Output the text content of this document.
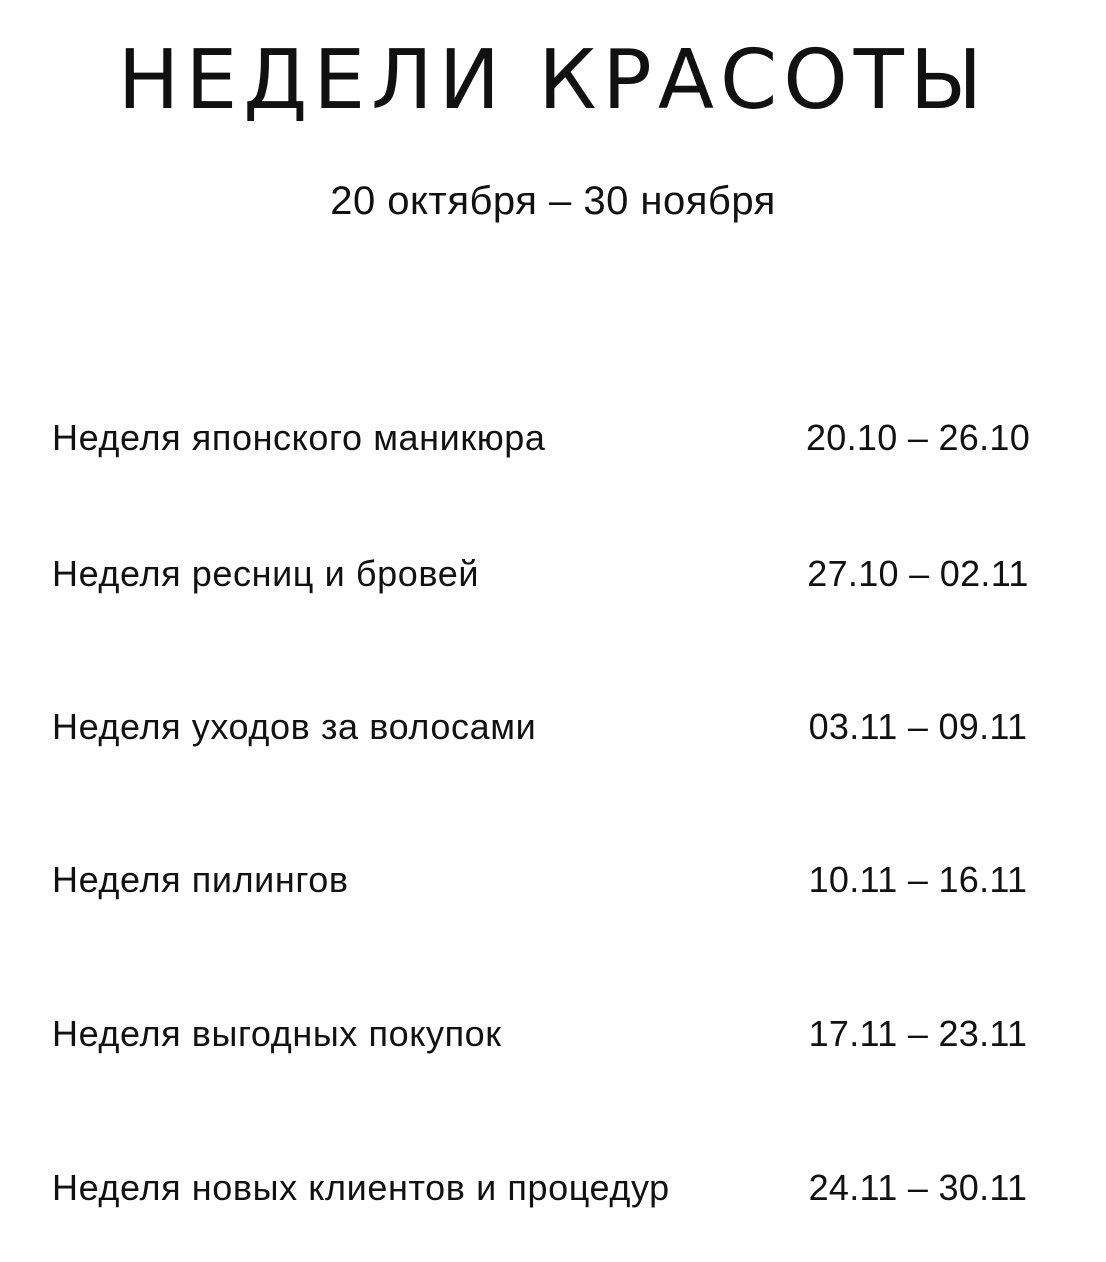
НЕДЕЛИ КРАСОТЫ
20 октября – 30 ноября
Неделя японского маникюра	20.10 – 26.10
Неделя ресниц и бровей	27.10 – 02.11
Неделя уходов за волосами	03.11 – 09.11
Неделя пилингов	10.11 – 16.11
Неделя выгодных покупок	17.11 – 23.11
Неделя новых клиентов и процедур	24.11 – 30.11
